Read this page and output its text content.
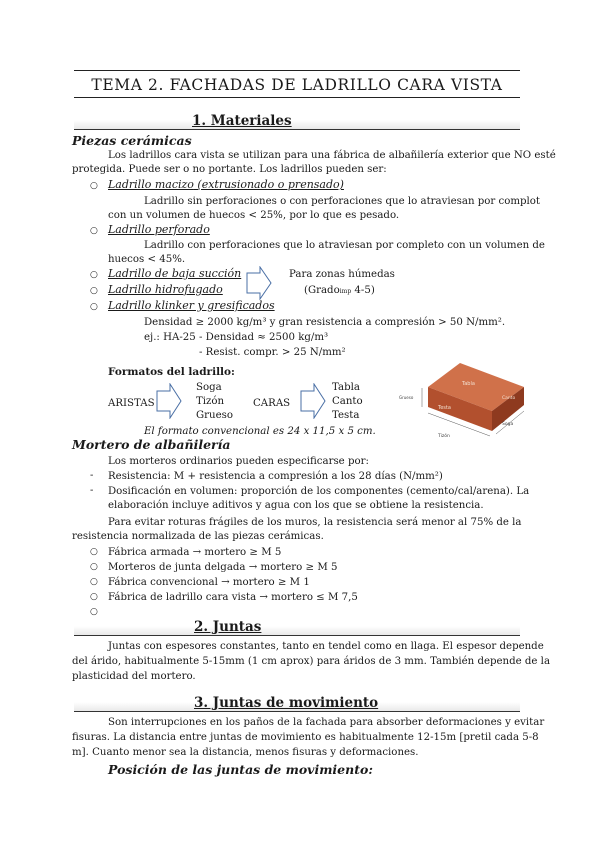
TEMA 2. FACHADAS DE LADRILLO CARA VISTA
1. Materiales
Piezas cerámicas
Los ladrillos cara vista se utilizan para una fábrica de albañilería exterior que NO esté
protegida. Puede ser o no portante. Los ladrillos pueden ser:
○ Ladrillo macizo (extrusionado o prensado)
Ladrillo sin perforaciones o con perforaciones que lo atraviesan por complot
con un volumen de huecos < 25%, por lo que es pesado.
○ Ladrillo perforado
Ladrillo con perforaciones que lo atraviesan por completo con un volumen de
huecos < 45%.
○ Ladrillo de baja succión
○ Ladrillo hidrofugado
Para zonas húmedas
(Gradoimp 4-5)
○ Ladrillo klinker y gresificados
Densidad ≥ 2000 kg/m³ y gran resistencia a compresión > 50 N/mm².
ej.: HA-25 - Densidad ≈ 2500 kg/m³
- Resist. compr. > 25 N/mm²
Formatos del ladrillo:
ARISTAS
Soga
Tizón
Grueso
CARAS
Tabla
Canto
Testa
El formato convencional es 24 x 11,5 x 5 cm.
Tabla
Canto
Testa
Grueso
Soga
Tizón
Mortero de albañilería
Los morteros ordinarios pueden especificarse por:
- Resistencia: M + resistencia a compresión a los 28 días (N/mm²)
- Dosificación en volumen: proporción de los componentes (cemento/cal/arena). La
elaboración incluye aditivos y agua con los que se obtiene la resistencia.
Para evitar roturas frágiles de los muros, la resistencia será menor al 75% de la
resistencia normalizada de las piezas cerámicas.
○ Fábrica armada → mortero ≥ M 5
○ Morteros de junta delgada → mortero ≥ M 5
○ Fábrica convencional → mortero ≥ M 1
○ Fábrica de ladrillo cara vista → mortero ≤ M 7,5
○
2. Juntas
Juntas con espesores constantes, tanto en tendel como en llaga. El espesor depende
del árido, habitualmente 5-15mm (1 cm aprox) para áridos de 3 mm. También depende de la
plasticidad del mortero.
3. Juntas de movimiento
Son interrupciones en los paños de la fachada para absorber deformaciones y evitar
fisuras. La distancia entre juntas de movimiento es habitualmente 12-15m [pretil cada 5-8
m]. Cuanto menor sea la distancia, menos fisuras y deformaciones.
Posición de las juntas de movimiento:
